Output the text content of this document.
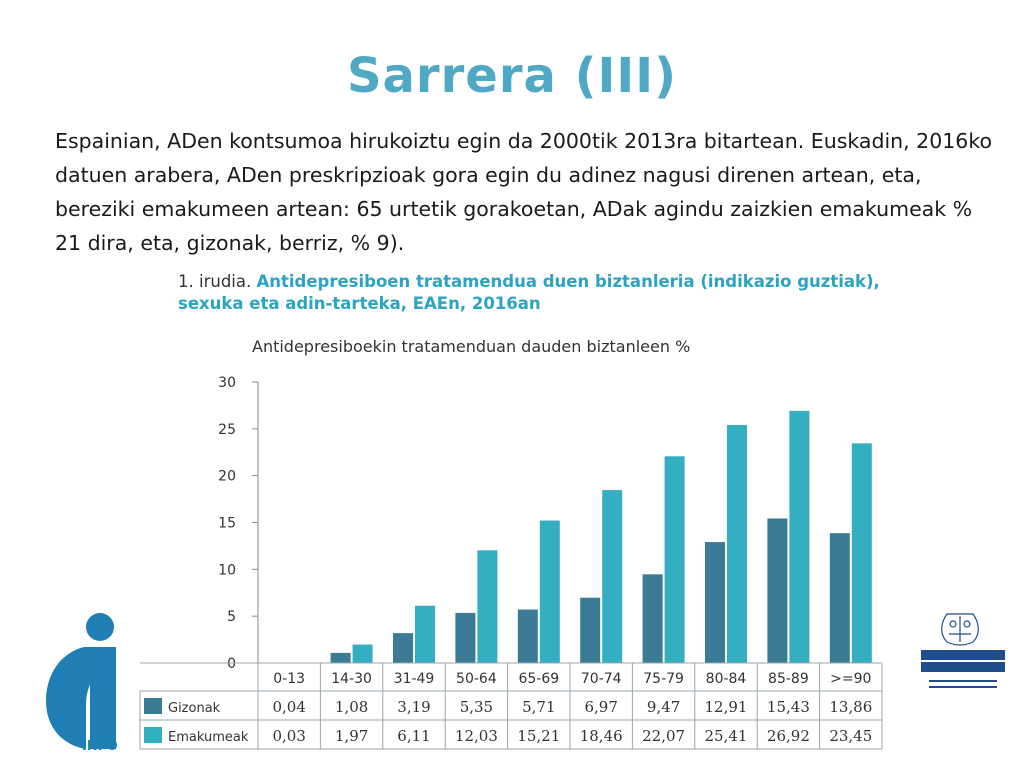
Sarrera (III)

Espainian, ADen kontsumoa hirukoiztu egin da 2000tik 2013ra bitartean. Euskadin, 2016ko datuen arabera, ADen preskripzioak gora egin du adinez nagusi direnen artean, eta, bereziki emakumeen artean: 65 urtetik gorakoetan, ADak agindu zaizkien emakumeak % 21 dira, eta, gizonak, berriz, % 9).

1. irudia. Antidepresiboen tratamendua duen biztanleria (indikazio guztiak), sexuka eta adin-tarteka, EAEn, 2016an
INFO
Antidepresiboekin tratamenduan dauden biztanleen %
0
5
10
15
20
25
30
0-13 14-30 31-49 50-64 65-69 70-74 75-79 80-84 85-89 >=90
Gizonak	0,04 1,08 3,19 5,35 5,71 6,97 9,47 12,91 15,43 13,86
Emakumeak 0,03 1,97 6,11 12,03 15,21 18,46 22,07 25,41 26,92 23,45
